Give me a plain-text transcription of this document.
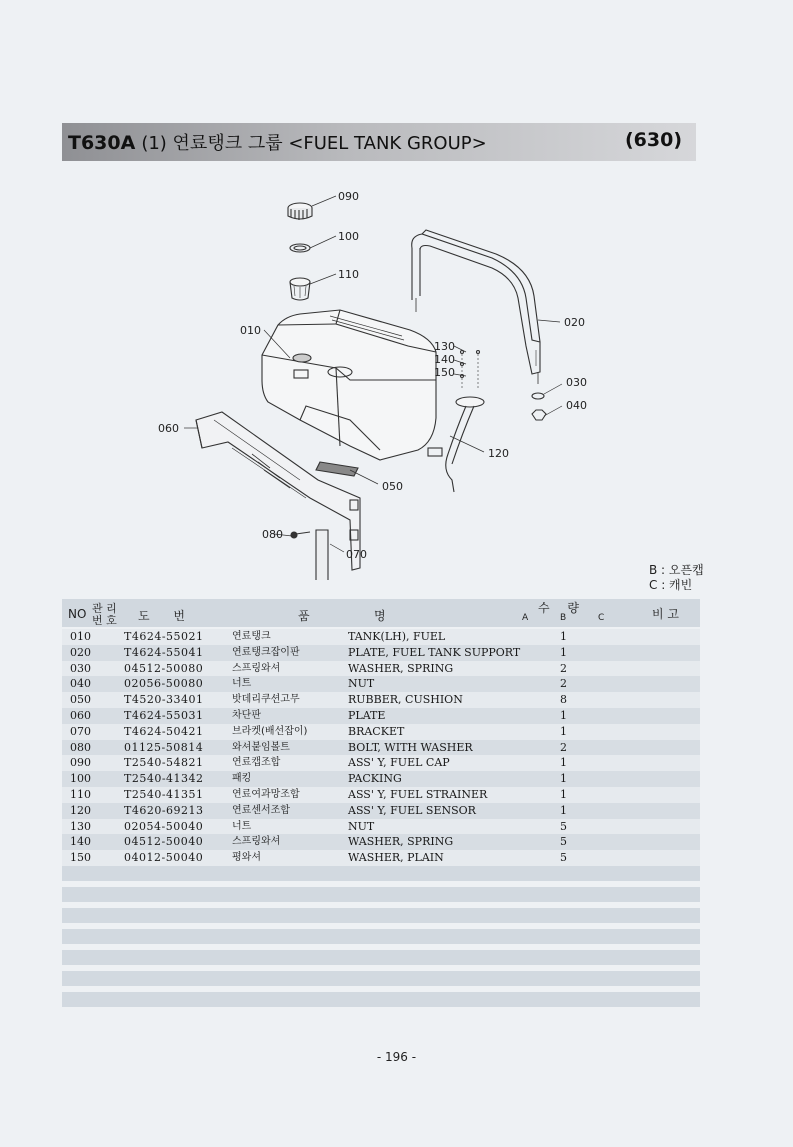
T630A (1) 연료탱크 그룹 <FUEL TANK GROUP>	(630)
090
100
110
010
020
130
140
150
030
040
060
120
050
080
070
B : 오픈캡
C : 캐빈
NO 관 리
번 호 도 번	품	명
수 량
A	B	C	비 고
010	T4624-55021	연료탱크	TANK(LH), FUEL	1
020	T4624-55041	연료탱크잡이판	PLATE, FUEL TANK SUPPORT	1
030	04512-50080	스프링와셔	WASHER, SPRING	2
040	02056-50080	너트	NUT	2
050	T4520-33401	밧데리쿠션고무	RUBBER, CUSHION	8
060	T4624-55031	차단판	PLATE	1
070	T4624-50421	브라켓(배선잡이)	BRACKET	1
080	01125-50814	와셔붙임볼트	BOLT, WITH WASHER	2
090	T2540-54821	연료캡조합	ASS' Y, FUEL CAP	1
100	T2540-41342	패킹	PACKING	1
110	T2540-41351	연료여과망조합	ASS' Y, FUEL STRAINER	1
120	T4620-69213	연료센서조합	ASS' Y, FUEL SENSOR	1
130	02054-50040	너트	NUT	5
140	04512-50040	스프링와셔	WASHER, SPRING	5
150	04012-50040	평와셔	WASHER, PLAIN	5
- 196 -
